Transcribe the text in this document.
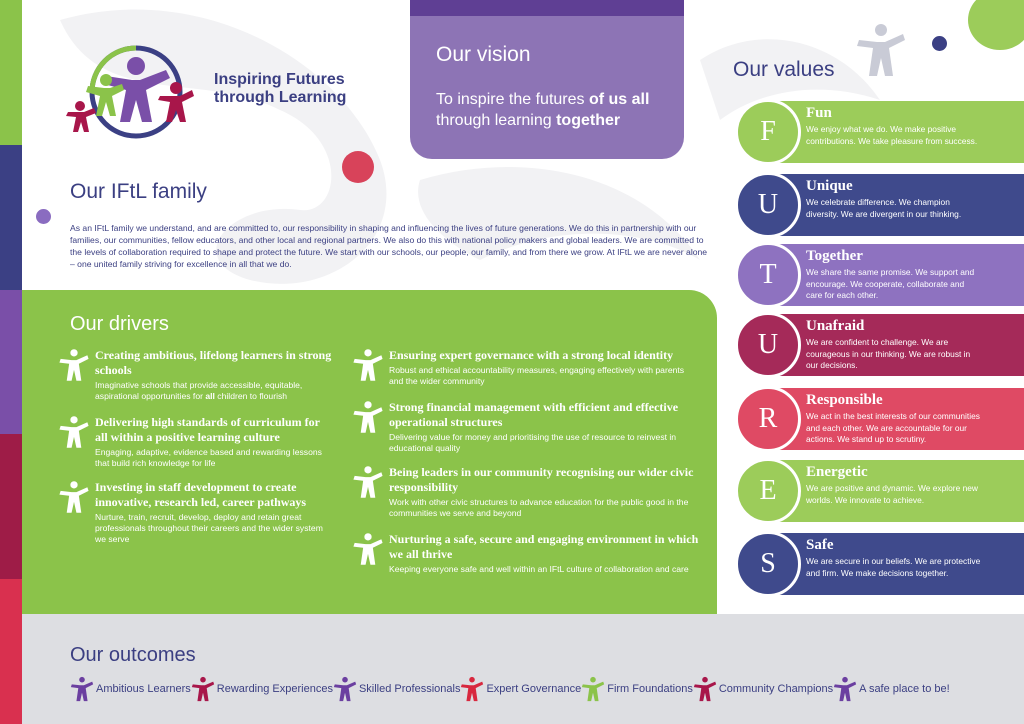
Inspiring Futures
through Learning
Our vision

To inspire the futures of us all
through learning together

Our IFtL family

As an IFtL family we understand, and are committed to, our responsibility in shaping and influencing the lives of future generations. We do this in partnership with our families, our communities, fellow educators, and other local and regional partners. We also do this with national policy makers and global leaders. We are committed to the levels of collaboration required to shape and protect the future. We start with our schools, our people, our family, and from there we grow. At IFtL we are never alone – one united family striving for excellence in all that we do.

Our drivers
Creating ambitious, lifelong learners in strong schools

Imaginative schools that provide accessible, equitable, aspirational opportunities for all children to flourish

Delivering high standards of curriculum for all within a positive learning culture

Engaging, adaptive, evidence based and rewarding lessons that build rich knowledge for life

Investing in staff development to create innovative, research led, career pathways

Nurture, train, recruit, develop, deploy and retain great professionals throughout their careers and the wider system we serve

Ensuring expert governance with a strong local identity

Robust and ethical accountability measures, engaging effectively with parents and the wider community

Strong financial management with efficient and effective operational structures

Delivering value for money and prioritising the use of resource to reinvest in educational quality

Being leaders in our community recognising our wider civic responsibility

Work with other civic structures to advance education for the public good in the communities we serve and beyond

Nurturing a safe, secure and engaging environment in which we all thrive

Keeping everyone safe and well within an IFtL culture of collaboration and care

Our values
F
Fun
We enjoy what we do. We make positive contributions. We take pleasure from success.
U
Unique
We celebrate difference. We champion diversity. We are divergent in our thinking.
T
Together
We share the same promise. We support and encourage. We cooperate, collaborate and care for each other.
U
Unafraid
We are confident to challenge. We are courageous in our thinking. We are robust in our decisions.
R
Responsible
We act in the best interests of our communities and each other. We are accountable for our actions. We stand up to scrutiny.
E
Energetic
We are positive and dynamic. We explore new worlds. We innovate to achieve.
S
Safe
We are secure in our beliefs. We are protective and firm. We make decisions together.
Our outcomes
Ambitious Learners Rewarding Experiences Skilled Professionals Expert Governance Firm Foundations Community Champions A safe place to be!
